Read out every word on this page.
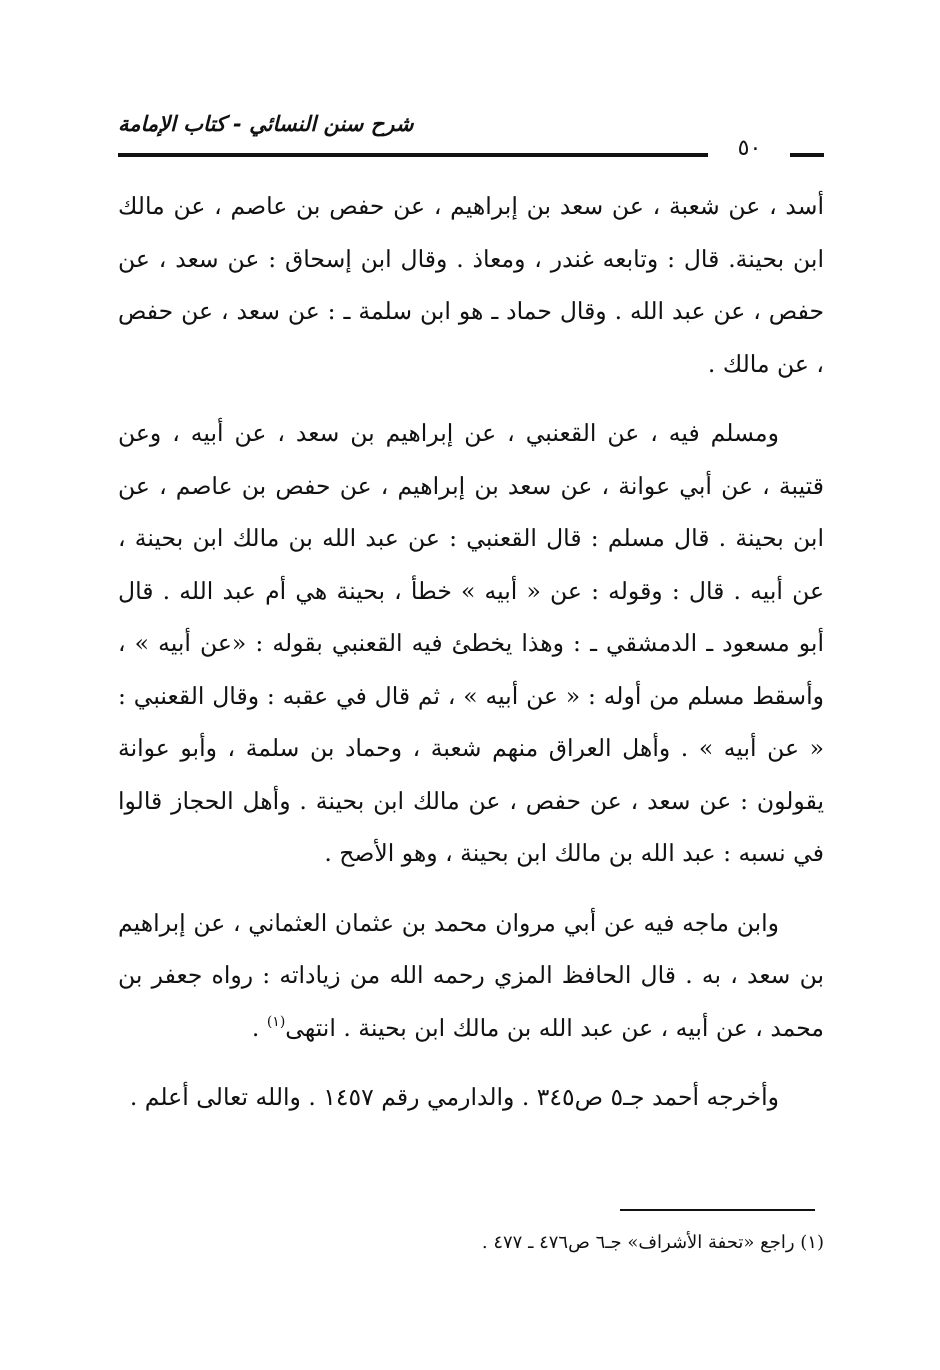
شرح سنن النسائي - كتاب الإمامة
٥٠

أسد ، عن شعبة ، عن سعد بن إبراهيم ، عن حفص بن عاصم ، عن مالك ابن بحينة. قال : وتابعه غندر ، ومعاذ . وقال ابن إسحاق : عن سعد ، عن حفص ، عن عبد الله . وقال حماد ـ هو ابن سلمة ـ : عن سعد ، عن حفص ، عن مالك .

ومسلم فيه ، عن القعنبي ، عن إبراهيم بن سعد ، عن أبيه ، وعن قتيبة ، عن أبي عوانة ، عن سعد بن إبراهيم ، عن حفص بن عاصم ، عن ابن بحينة . قال مسلم : قال القعنبي : عن عبد الله بن مالك ابن بحينة ، عن أبيه . قال : وقوله : عن « أبيه » خطأ ، بحينة هي أم عبد الله . قال أبو مسعود ـ الدمشقي ـ : وهذا يخطئ فيه القعنبي بقوله : «عن أبيه » ، وأسقط مسلم من أوله : « عن أبيه » ، ثم قال في عقبه : وقال القعنبي : « عن أبيه » . وأهل العراق منهم شعبة ، وحماد بن سلمة ، وأبو عوانة يقولون : عن سعد ، عن حفص ، عن مالك ابن بحينة . وأهل الحجاز قالوا في نسبه : عبد الله بن مالك ابن بحينة ، وهو الأصح .

وابن ماجه فيه عن أبي مروان محمد بن عثمان العثماني ، عن إبراهيم بن سعد ، به . قال الحافظ المزي رحمه الله من زياداته : رواه جعفر بن محمد ، عن أبيه ، عن عبد الله بن مالك ابن بحينة . انتهى$^{(١)}$ .

وأخرجه أحمد جـ٥ ص٣٤٥ . والدارمي رقم ١٤٥٧ . والله تعالى أعلم .

(١) راجع «تحفة الأشراف» جـ٦ ص٤٧٦ ـ ٤٧٧ .
